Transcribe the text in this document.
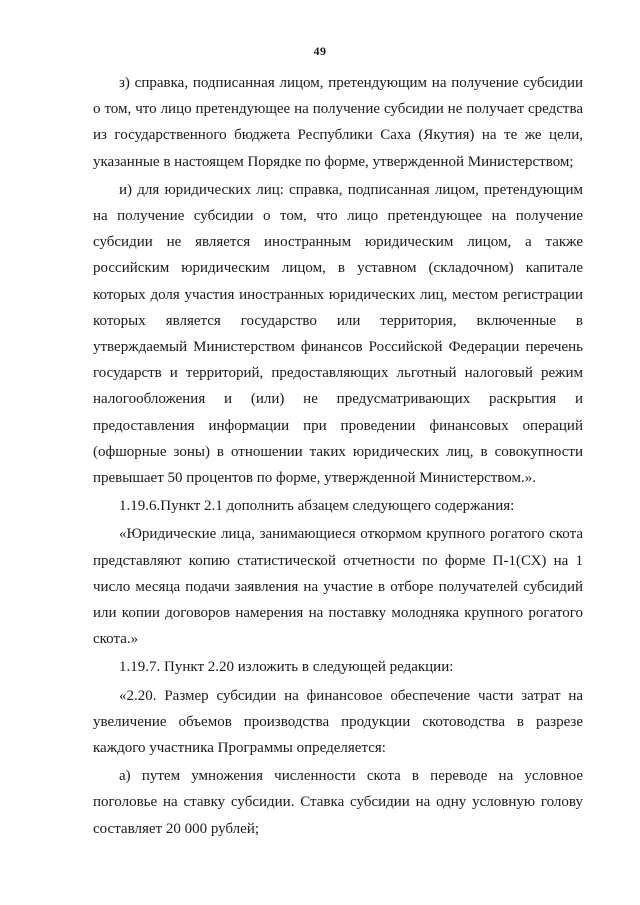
49

з) справка, подписанная лицом, претендующим на получение субсидии о том, что лицо претендующее на получение субсидии не получает средства из государственного бюджета Республики Саха (Якутия) на те же цели, указанные в настоящем Порядке по форме, утвержденной Министерством;

и) для юридических лиц: справка, подписанная лицом, претендующим на получение субсидии о том, что лицо претендующее на получение субсидии не является иностранным юридическим лицом, а также российским юридическим лицом, в уставном (складочном) капитале которых доля участия иностранных юридических лиц, местом регистрации которых является государство или территория, включенные в утверждаемый Министерством финансов Российской Федерации перечень государств и территорий, предоставляющих льготный налоговый режим налогообложения и (или) не предусматривающих раскрытия и предоставления информации при проведении финансовых операций (офшорные зоны) в отношении таких юридических лиц, в совокупности превышает 50 процентов по форме, утвержденной Министерством.».

1.19.6.Пункт 2.1 дополнить абзацем следующего содержания:

«Юридические лица, занимающиеся откормом крупного рогатого скота представляют копию статистической отчетности по форме П-1(СХ) на 1 число месяца подачи заявления на участие в отборе получателей субсидий или копии договоров намерения на поставку молодняка крупного рогатого скота.»

1.19.7. Пункт 2.20 изложить в следующей редакции:

«2.20. Размер субсидии на финансовое обеспечение части затрат на увеличение объемов производства продукции скотоводства в разрезе каждого участника Программы определяется:

а) путем умножения численности скота в переводе на условное поголовье на ставку субсидии. Ставка субсидии на одну условную голову составляет 20 000 рублей;
